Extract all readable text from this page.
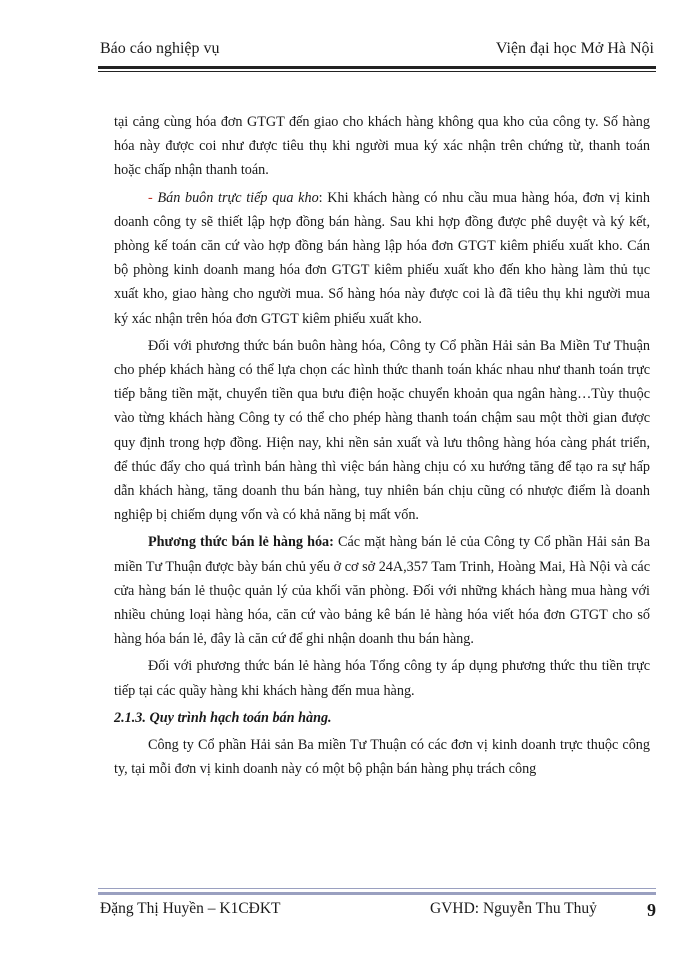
Báo cáo nghiệp vụ	Viện đại học Mở Hà Nội

tại cảng cùng hóa đơn GTGT đến giao cho khách hàng không qua kho của công ty. Số hàng hóa này được coi như được tiêu thụ khi người mua ký xác nhận trên chứng từ, thanh toán hoặc chấp nhận thanh toán.

- Bán buôn trực tiếp qua kho: Khi khách hàng có nhu cầu mua hàng hóa, đơn vị kinh doanh công ty sẽ thiết lập hợp đồng bán hàng. Sau khi hợp đồng được phê duyệt và ký kết, phòng kế toán căn cứ vào hợp đồng bán hàng lập hóa đơn GTGT kiêm phiếu xuất kho. Cán bộ phòng kinh doanh mang hóa đơn GTGT kiêm phiếu xuất kho đến kho hàng làm thủ tục xuất kho, giao hàng cho người mua. Số hàng hóa này được coi là đã tiêu thụ khi người mua ký xác nhận trên hóa đơn GTGT kiêm phiếu xuất kho.

Đối với phương thức bán buôn hàng hóa, Công ty Cổ phần Hải sản Ba Miền Tư Thuận cho phép khách hàng có thể lựa chọn các hình thức thanh toán khác nhau như thanh toán trực tiếp bằng tiền mặt, chuyển tiền qua bưu điện hoặc chuyển khoản qua ngân hàng…Tùy thuộc vào từng khách hàng Công ty có thể cho phép hàng thanh toán chậm sau một thời gian được quy định trong hợp đồng. Hiện nay, khi nền sản xuất và lưu thông hàng hóa càng phát triển, để thúc đẩy cho quá trình bán hàng thì việc bán hàng chịu có xu hướng tăng để tạo ra sự hấp dẫn khách hàng, tăng doanh thu bán hàng, tuy nhiên bán chịu cũng có nhược điểm là doanh nghiệp bị chiếm dụng vốn và có khả năng bị mất vốn.

Phương thức bán lẻ hàng hóa: Các mặt hàng bán lẻ của Công ty Cổ phần Hải sản Ba miền Tư Thuận được bày bán chủ yếu ở cơ sở 24A,357 Tam Trinh, Hoàng Mai, Hà Nội và các cửa hàng bán lẻ thuộc quản lý của khối văn phòng. Đối với những khách hàng mua hàng với nhiều chủng loại hàng hóa, căn cứ vào bảng kê bán lẻ hàng hóa viết hóa đơn GTGT cho số hàng hóa bán lẻ, đây là căn cứ để ghi nhận doanh thu bán hàng.

Đối với phương thức bán lẻ hàng hóa Tổng công ty áp dụng phương thức thu tiền trực tiếp tại các quầy hàng khi khách hàng đến mua hàng.

2.1.3. Quy trình hạch toán bán hàng.

Công ty Cổ phần Hải sản Ba miền Tư Thuận có các đơn vị kinh doanh trực thuộc công ty, tại mỗi đơn vị kinh doanh này có một bộ phận bán hàng phụ trách công

Đặng Thị Huyền – K1CĐKT	GVHD: Nguyễn Thu Thuỷ	9
